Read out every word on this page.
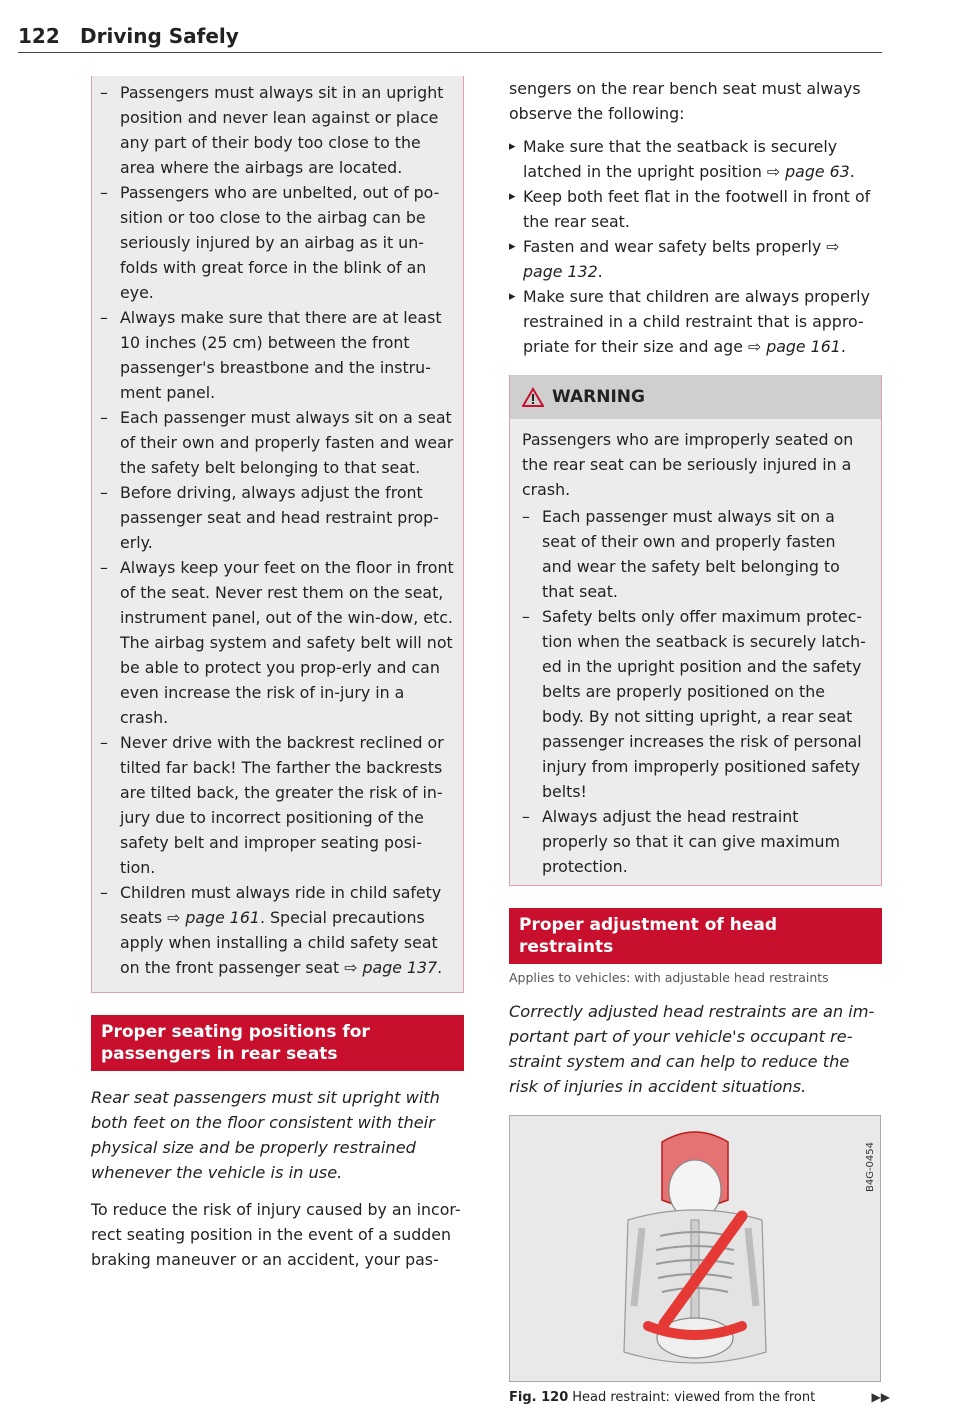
122 Driving Safely
– Passengers must always sit in an upright position and never lean against or place any part of their body too close to the area where the airbags are located.
– Passengers who are unbelted, out of po-sition or too close to the airbag can be seriously injured by an airbag as it un-folds with great force in the blink of an eye.
– Always make sure that there are at least 10 inches (25 cm) between the front passenger's breastbone and the instru-ment panel.
– Each passenger must always sit on a seat of their own and properly fasten and wear the safety belt belonging to that seat.
– Before driving, always adjust the front passenger seat and head restraint prop-erly.
– Always keep your feet on the floor in front of the seat. Never rest them on the seat, instrument panel, out of the win-dow, etc. The airbag system and safety belt will not be able to protect you prop-erly and can even increase the risk of in-jury in a crash.
– Never drive with the backrest reclined or tilted far back! The farther the backrests are tilted back, the greater the risk of in-jury due to incorrect positioning of the safety belt and improper seating posi-tion.
– Children must always ride in child safety seats ⇨ page 161. Special precautions apply when installing a child safety seat on the front passenger seat ⇨ page 137.
Proper seating positions for passengers in rear seats

Rear seat passengers must sit upright with both feet on the floor consistent with their physical size and be properly restrained whenever the vehicle is in use.

To reduce the risk of injury caused by an incor-rect seating position in the event of a sudden braking maneuver or an accident, your pas-

sengers on the rear bench seat must always observe the following:

▸ Make sure that the seatback is securely latched in the upright position ⇨ page 63.
▸ Keep both feet flat in the footwell in front of the rear seat.
▸ Fasten and wear safety belts properly ⇨ page 132.
▸ Make sure that children are always properly restrained in a child restraint that is appro-priate for their size and age ⇨ page 161.
WARNING

Passengers who are improperly seated on the rear seat can be seriously injured in a crash.

– Each passenger must always sit on a seat of their own and properly fasten and wear the safety belt belonging to that seat.
– Safety belts only offer maximum protec-tion when the seatback is securely latch-ed in the upright position and the safety belts are properly positioned on the body. By not sitting upright, a rear seat passenger increases the risk of personal injury from improperly positioned safety belts!
– Always adjust the head restraint properly so that it can give maximum protection.
Proper adjustment of head restraints
Applies to vehicles: with adjustable head restraints

Correctly adjusted head restraints are an im-portant part of your vehicle's occupant re-straint system and can help to reduce the risk of injuries in accident situations.

B4G-0454
Fig. 120 Head restraint: viewed from the front	▶▶
